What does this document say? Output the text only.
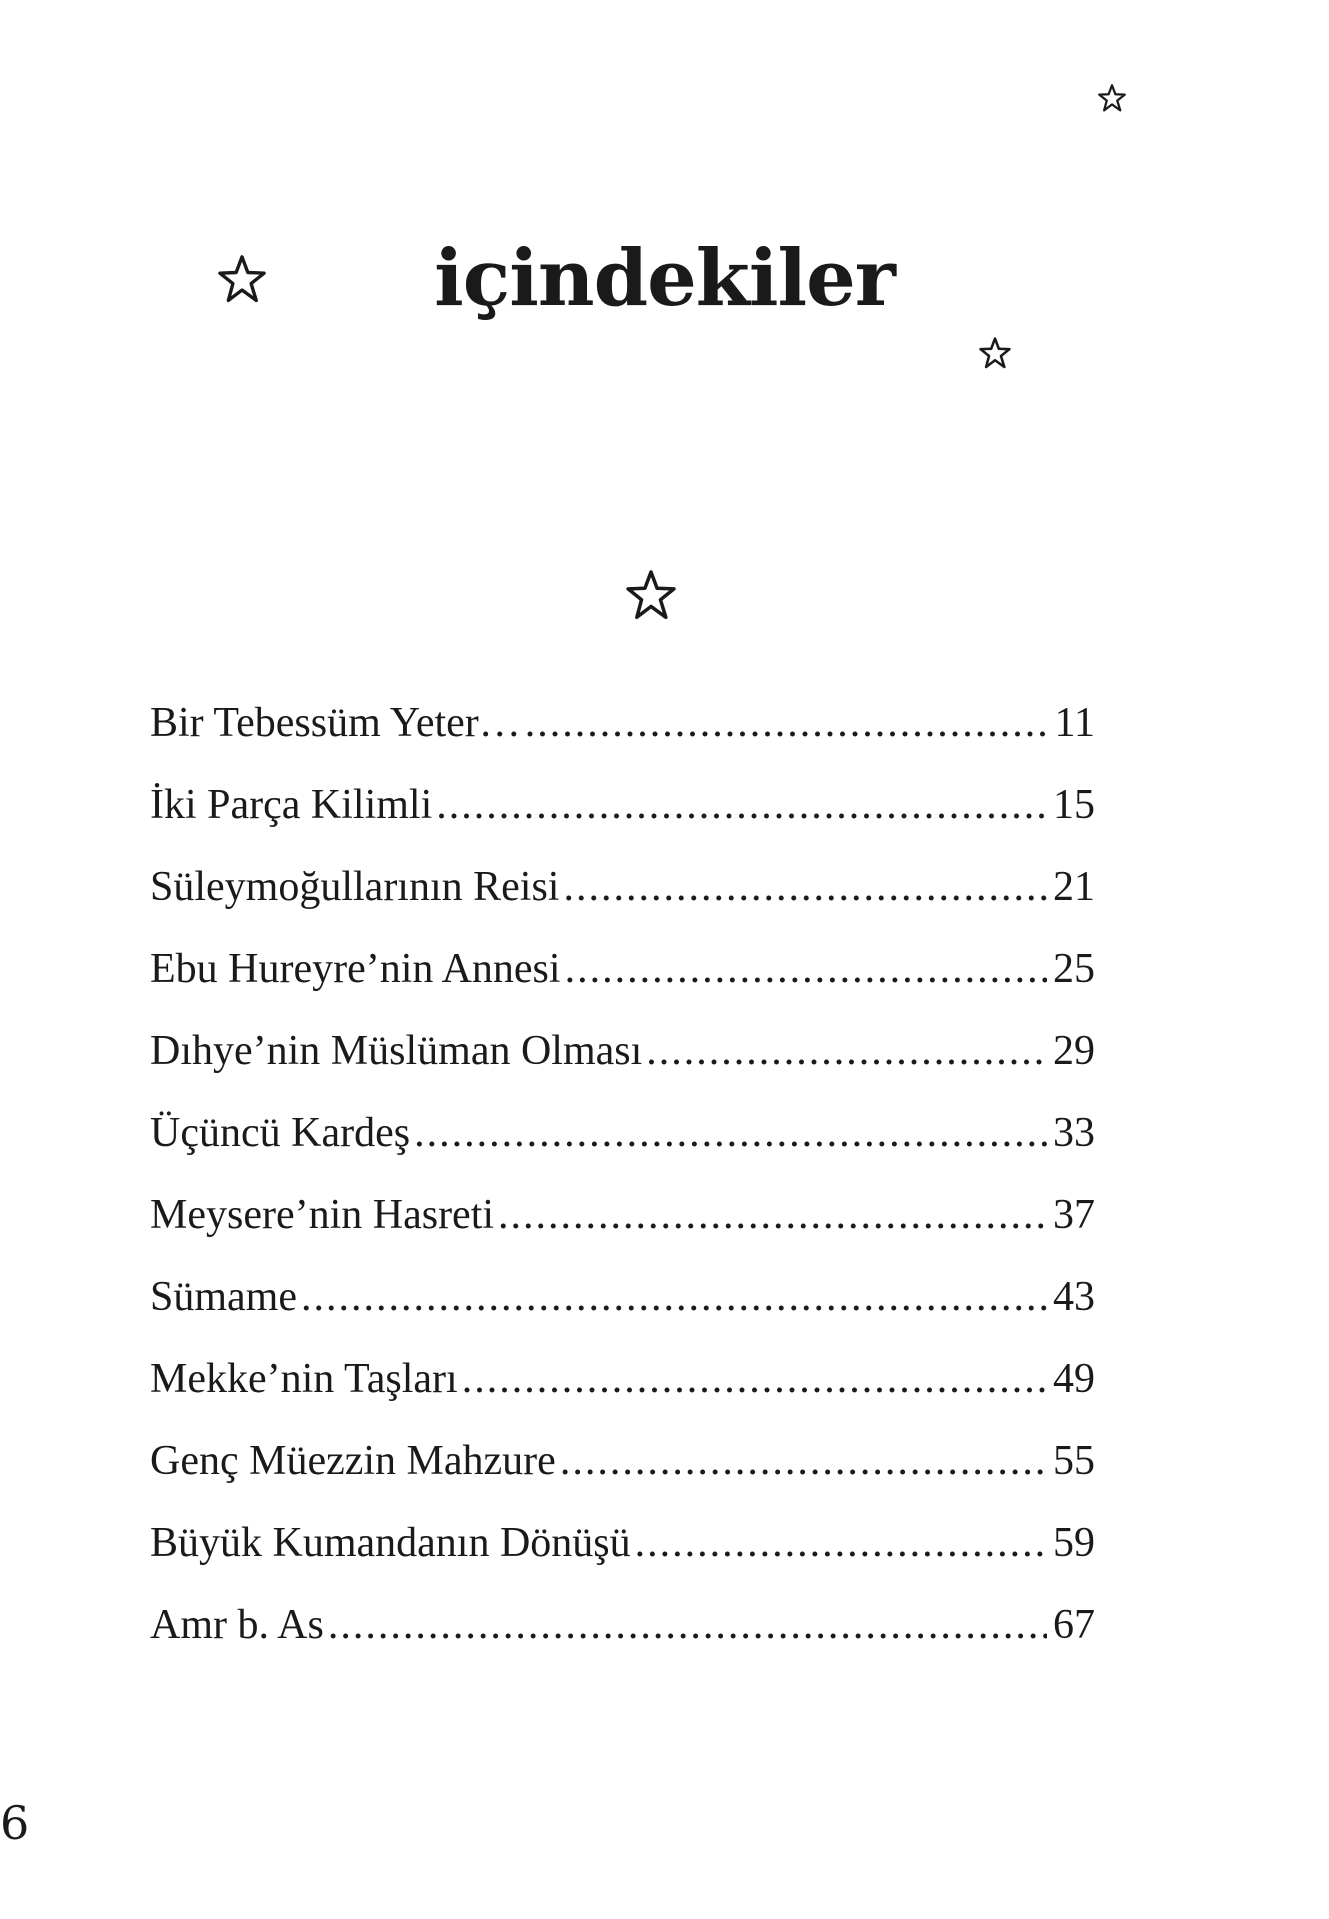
içindekiler
Bir Tebessüm Yeter… .....	11
İki Parça Kilimli .....	15
Süleymoğullarının Reisi .....	21
Ebu Hureyre’nin Annesi .....	25
Dıhye’nin Müslüman Olması .....	29
Üçüncü Kardeş .....	33
Meysere’nin Hasreti .....	37
Sümame .....	43
Mekke’nin Taşları .....	49
Genç Müezzin Mahzure .....	55
Büyük Kumandanın Dönüşü .....	59
Amr b. As .....	67
6
